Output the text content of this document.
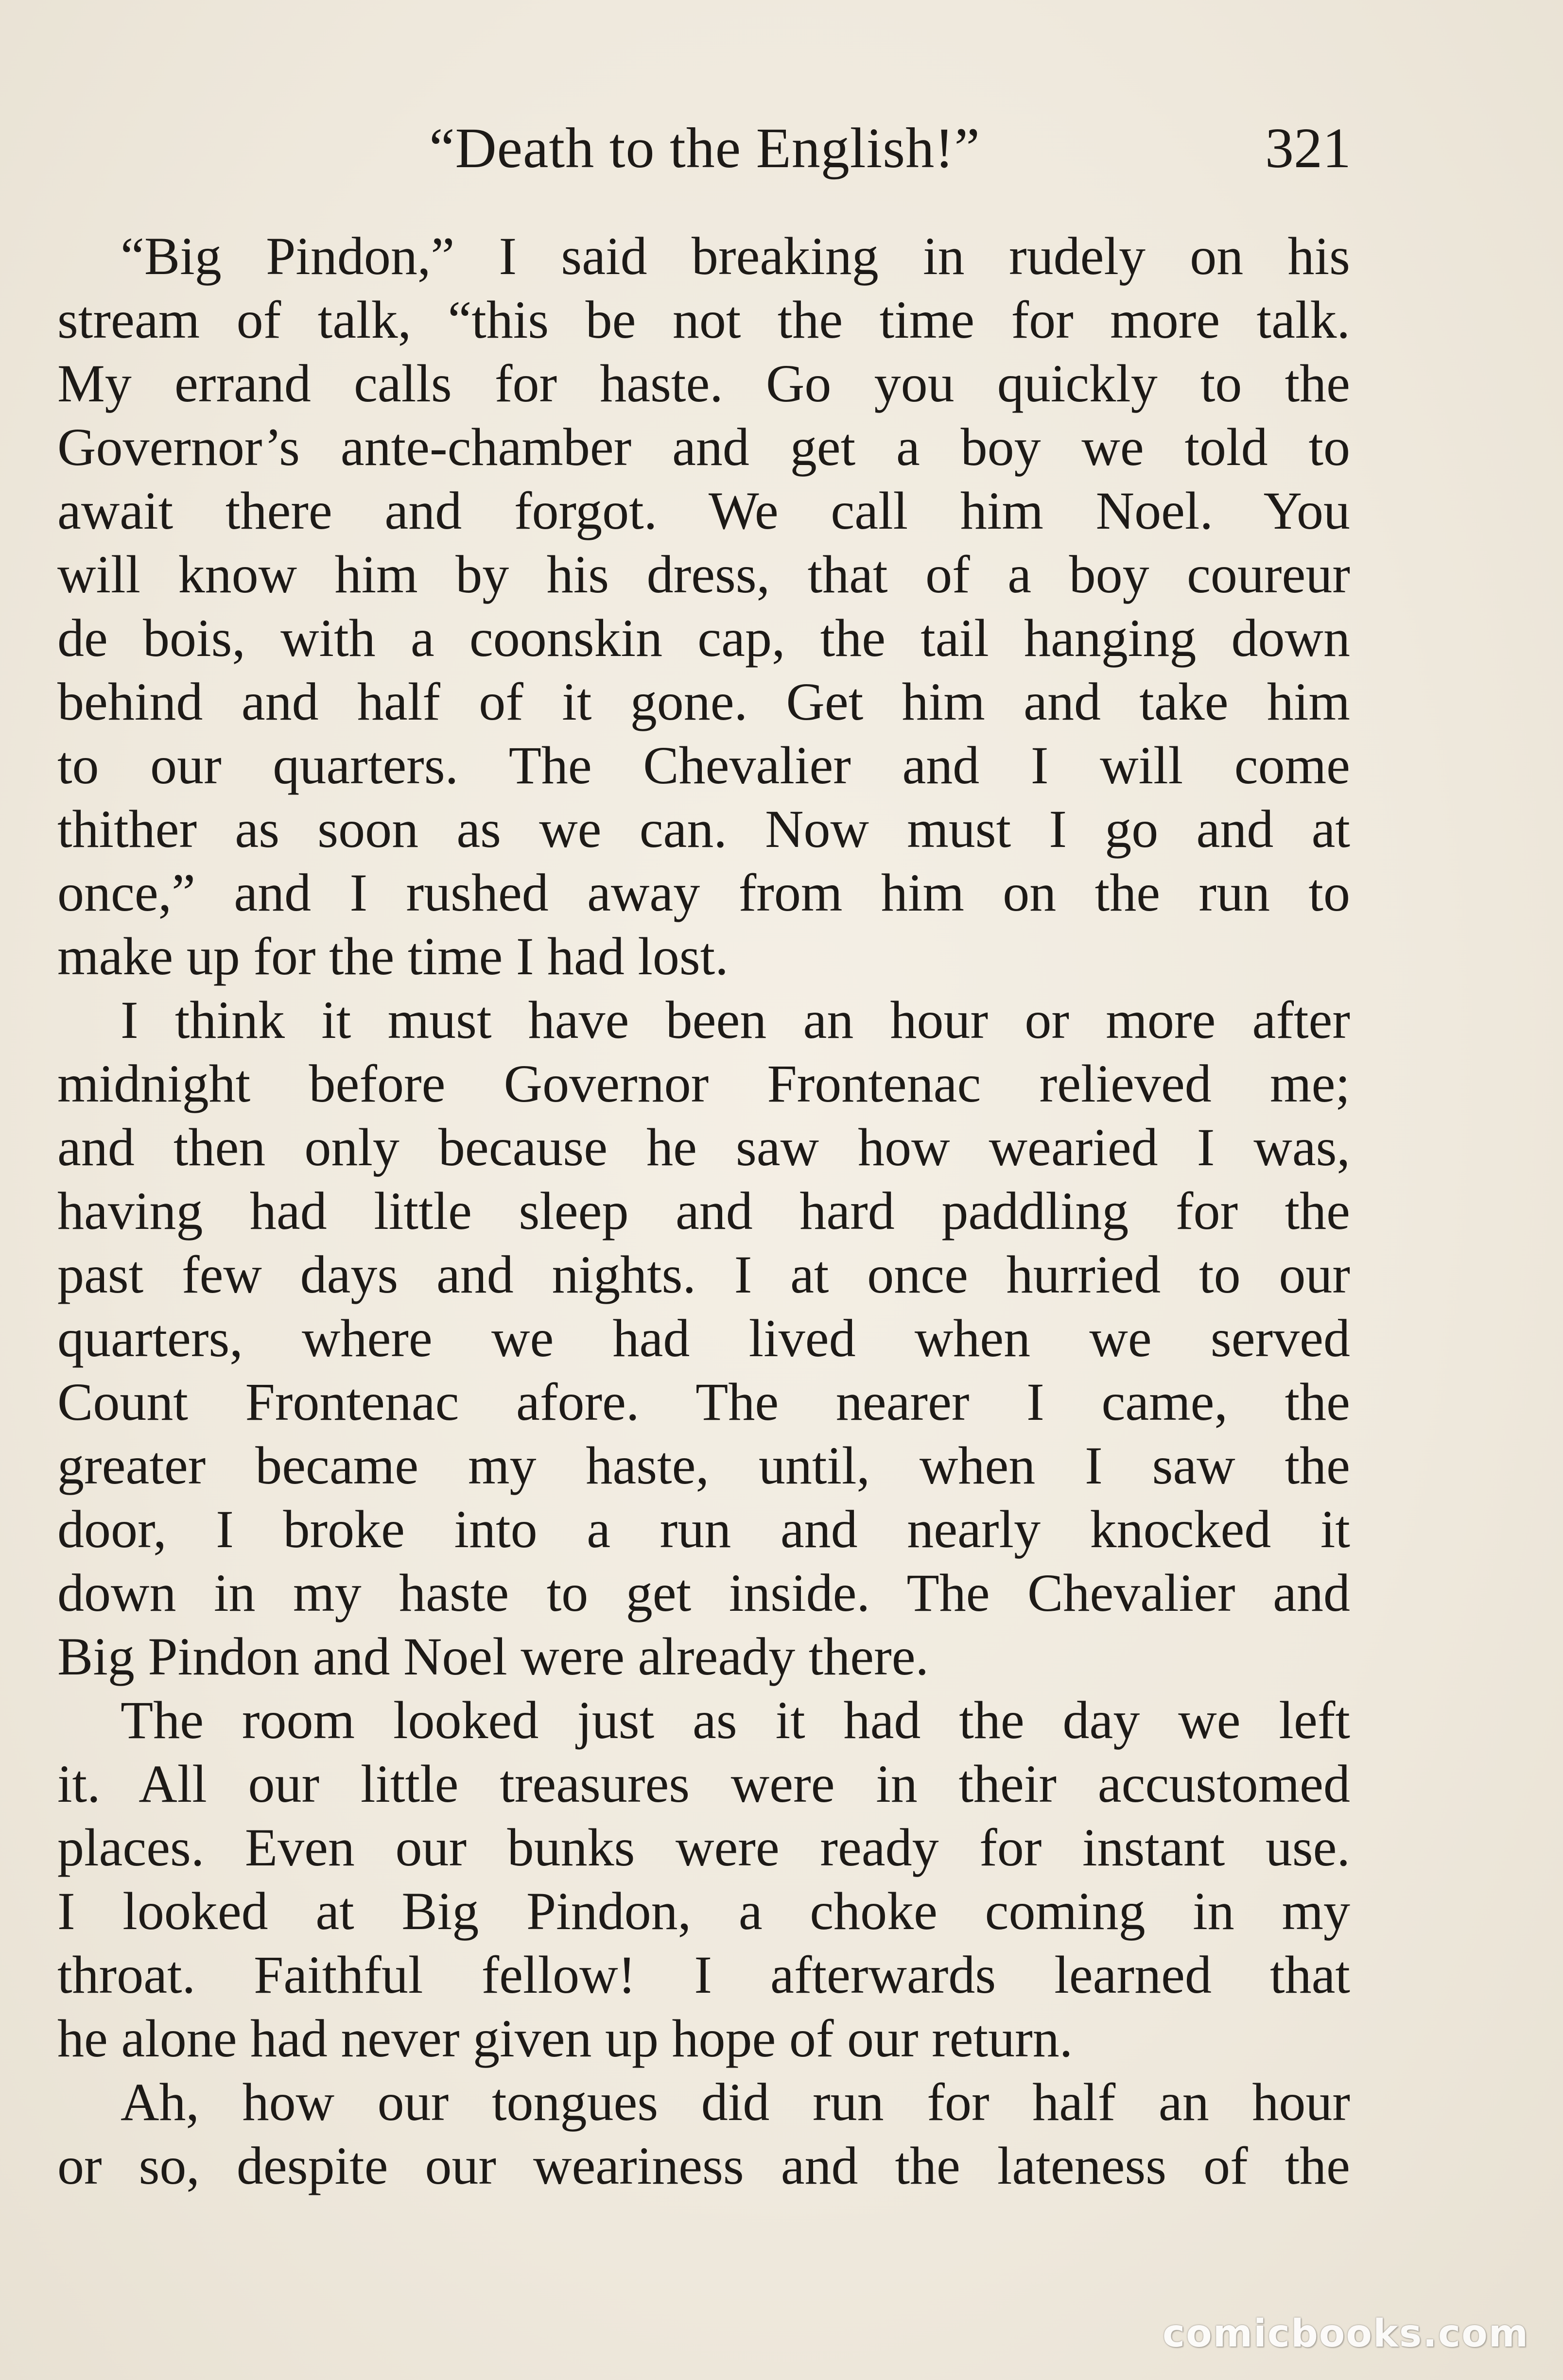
“Death to the English!”	321
“Big Pindon,” I said breaking in rudely on his
stream of talk, “this be not the time for more talk.
My errand calls for haste. Go you quickly to the
Governor’s ante-chamber and get a boy we told to
await there and forgot. We call him Noel. You
will know him by his dress, that of a boy coureur
de bois, with a coonskin cap, the tail hanging down
behind and half of it gone. Get him and take him
to our quarters. The Chevalier and I will come
thither as soon as we can. Now must I go and at
once,” and I rushed away from him on the run to
make up for the time I had lost.
I think it must have been an hour or more after
midnight before Governor Frontenac relieved me;
and then only because he saw how wearied I was,
having had little sleep and hard paddling for the
past few days and nights. I at once hurried to our
quarters, where we had lived when we served
Count Frontenac afore. The nearer I came, the
greater became my haste, until, when I saw the
door, I broke into a run and nearly knocked it
down in my haste to get inside. The Chevalier and
Big Pindon and Noel were already there.
The room looked just as it had the day we left
it. All our little treasures were in their accustomed
places. Even our bunks were ready for instant use.
I looked at Big Pindon, a choke coming in my
throat. Faithful fellow! I afterwards learned that
he alone had never given up hope of our return.
Ah, how our tongues did run for half an hour
or so, despite our weariness and the lateness of the
comicbooks.com
